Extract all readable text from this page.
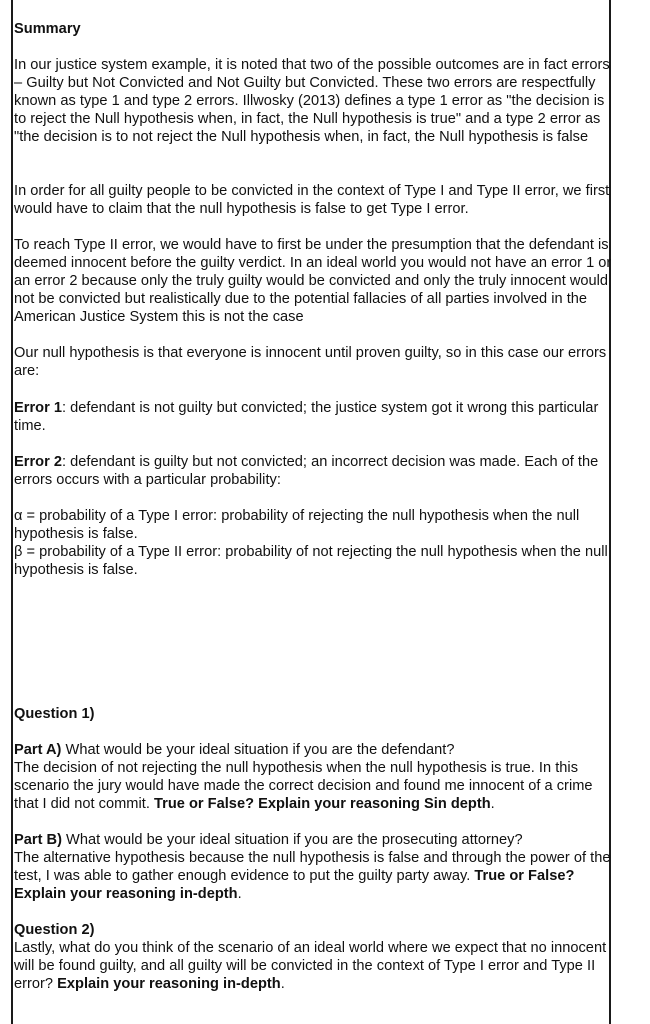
Summary

In our justice system example, it is noted that two of the possible outcomes are in fact errors – Guilty but Not Convicted and Not Guilty but Convicted. These two errors are respectfully known as type 1 and type 2 errors. Illwosky (2013) defines a type 1 error as "the decision is to reject the Null hypothesis when, in fact, the Null hypothesis is true" and a type 2 error as "the decision is to not reject the Null hypothesis when, in fact, the Null hypothesis is false

In order for all guilty people to be convicted in the context of Type I and Type II error, we first would have to claim that the null hypothesis is false to get Type I error.

To reach Type II error, we would have to first be under the presumption that the defendant is deemed innocent before the guilty verdict. In an ideal world you would not have an error 1 or an error 2 because only the truly guilty would be convicted and only the truly innocent would not be convicted but realistically due to the potential fallacies of all parties involved in the American Justice System this is not the case

Our null hypothesis is that everyone is innocent until proven guilty, so in this case our errors are:

Error 1: defendant is not guilty but convicted; the justice system got it wrong this particular time.

Error 2: defendant is guilty but not convicted; an incorrect decision was made. Each of the errors occurs with a particular probability:

α = probability of a Type I error: probability of rejecting the null hypothesis when the null hypothesis is false.

β = probability of a Type II error: probability of not rejecting the null hypothesis when the null hypothesis is false.

Question 1)

Part A) What would be your ideal situation if you are the defendant?
The decision of not rejecting the null hypothesis when the null hypothesis is true. In this scenario the jury would have made the correct decision and found me innocent of a crime that I did not commit. True or False? Explain your reasoning Sin depth.

Part B) What would be your ideal situation if you are the prosecuting attorney?
The alternative hypothesis because the null hypothesis is false and through the power of the test, I was able to gather enough evidence to put the guilty party away. True or False? Explain your reasoning in-depth.

Question 2)
Lastly, what do you think of the scenario of an ideal world where we expect that no innocent will be found guilty, and all guilty will be convicted in the context of Type I error and Type II error? Explain your reasoning in-depth.
